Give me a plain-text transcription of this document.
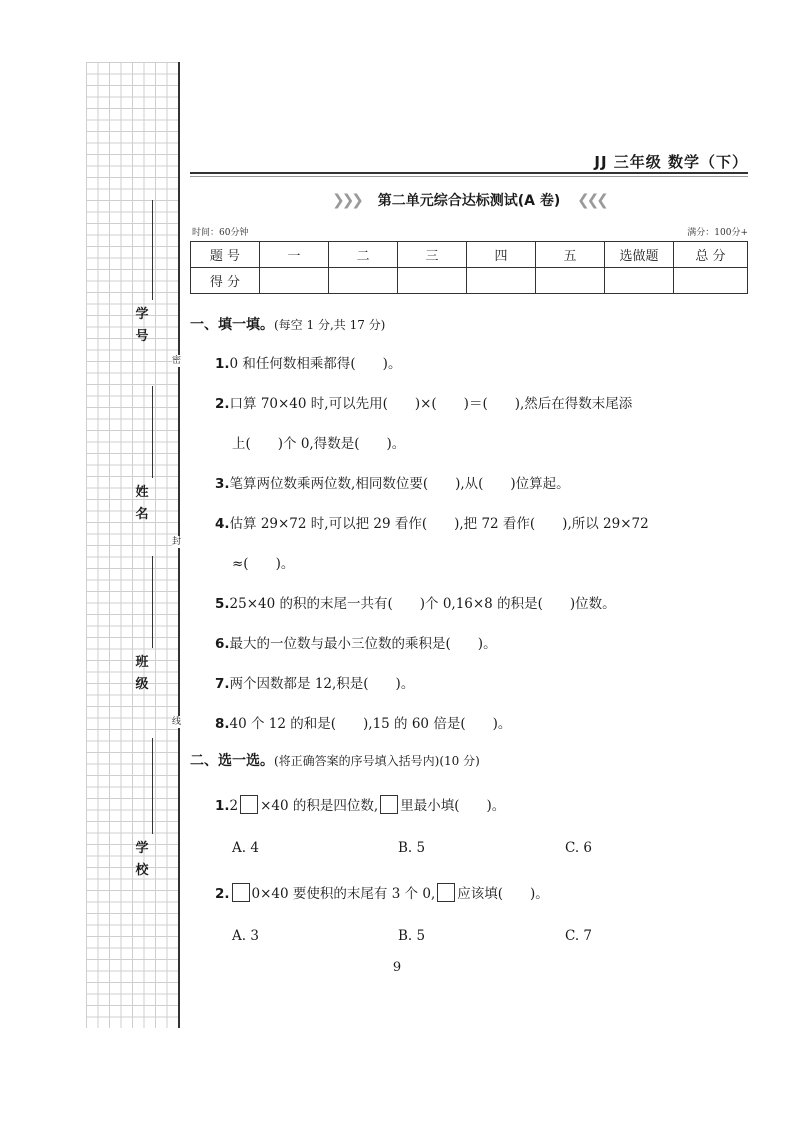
密
封
线
学 号
姓 名
班 级
学 校
JJ 三年级 数学（下）
❯❯❯ 第二单元综合达标测试(A 卷) ❮❮❮
时间：60分钟	满分：100分+
题 号	一	二	三	四	五	选做题	总 分
得 分							
一、填一填。(每空 1 分,共 17 分)
1.0 和任何数相乘都得(　　)。
2.口算 70×40 时,可以先用(　　)×(　　)＝(　　),然后在得数末尾添
上(　　)个 0,得数是(　　)。
3.笔算两位数乘两位数,相同数位要(　　),从(　　)位算起。
4.估算 29×72 时,可以把 29 看作(　　),把 72 看作(　　),所以 29×72
≈(　　)。
5.25×40 的积的末尾一共有(　　)个 0,16×8 的积是(　　)位数。
6.最大的一位数与最小三位数的乘积是(　　)。
7.两个因数都是 12,积是(　　)。
8.40 个 12 的和是(　　),15 的 60 倍是(　　)。
二、选一选。(将正确答案的序号填入括号内)(10 分)
1.2 ×40 的积是四位数, 里最小填(　　)。
A. 4	B. 5	C. 6
2. 0×40 要使积的末尾有 3 个 0, 应该填(　　)。
A. 3	B. 5	C. 7
9
